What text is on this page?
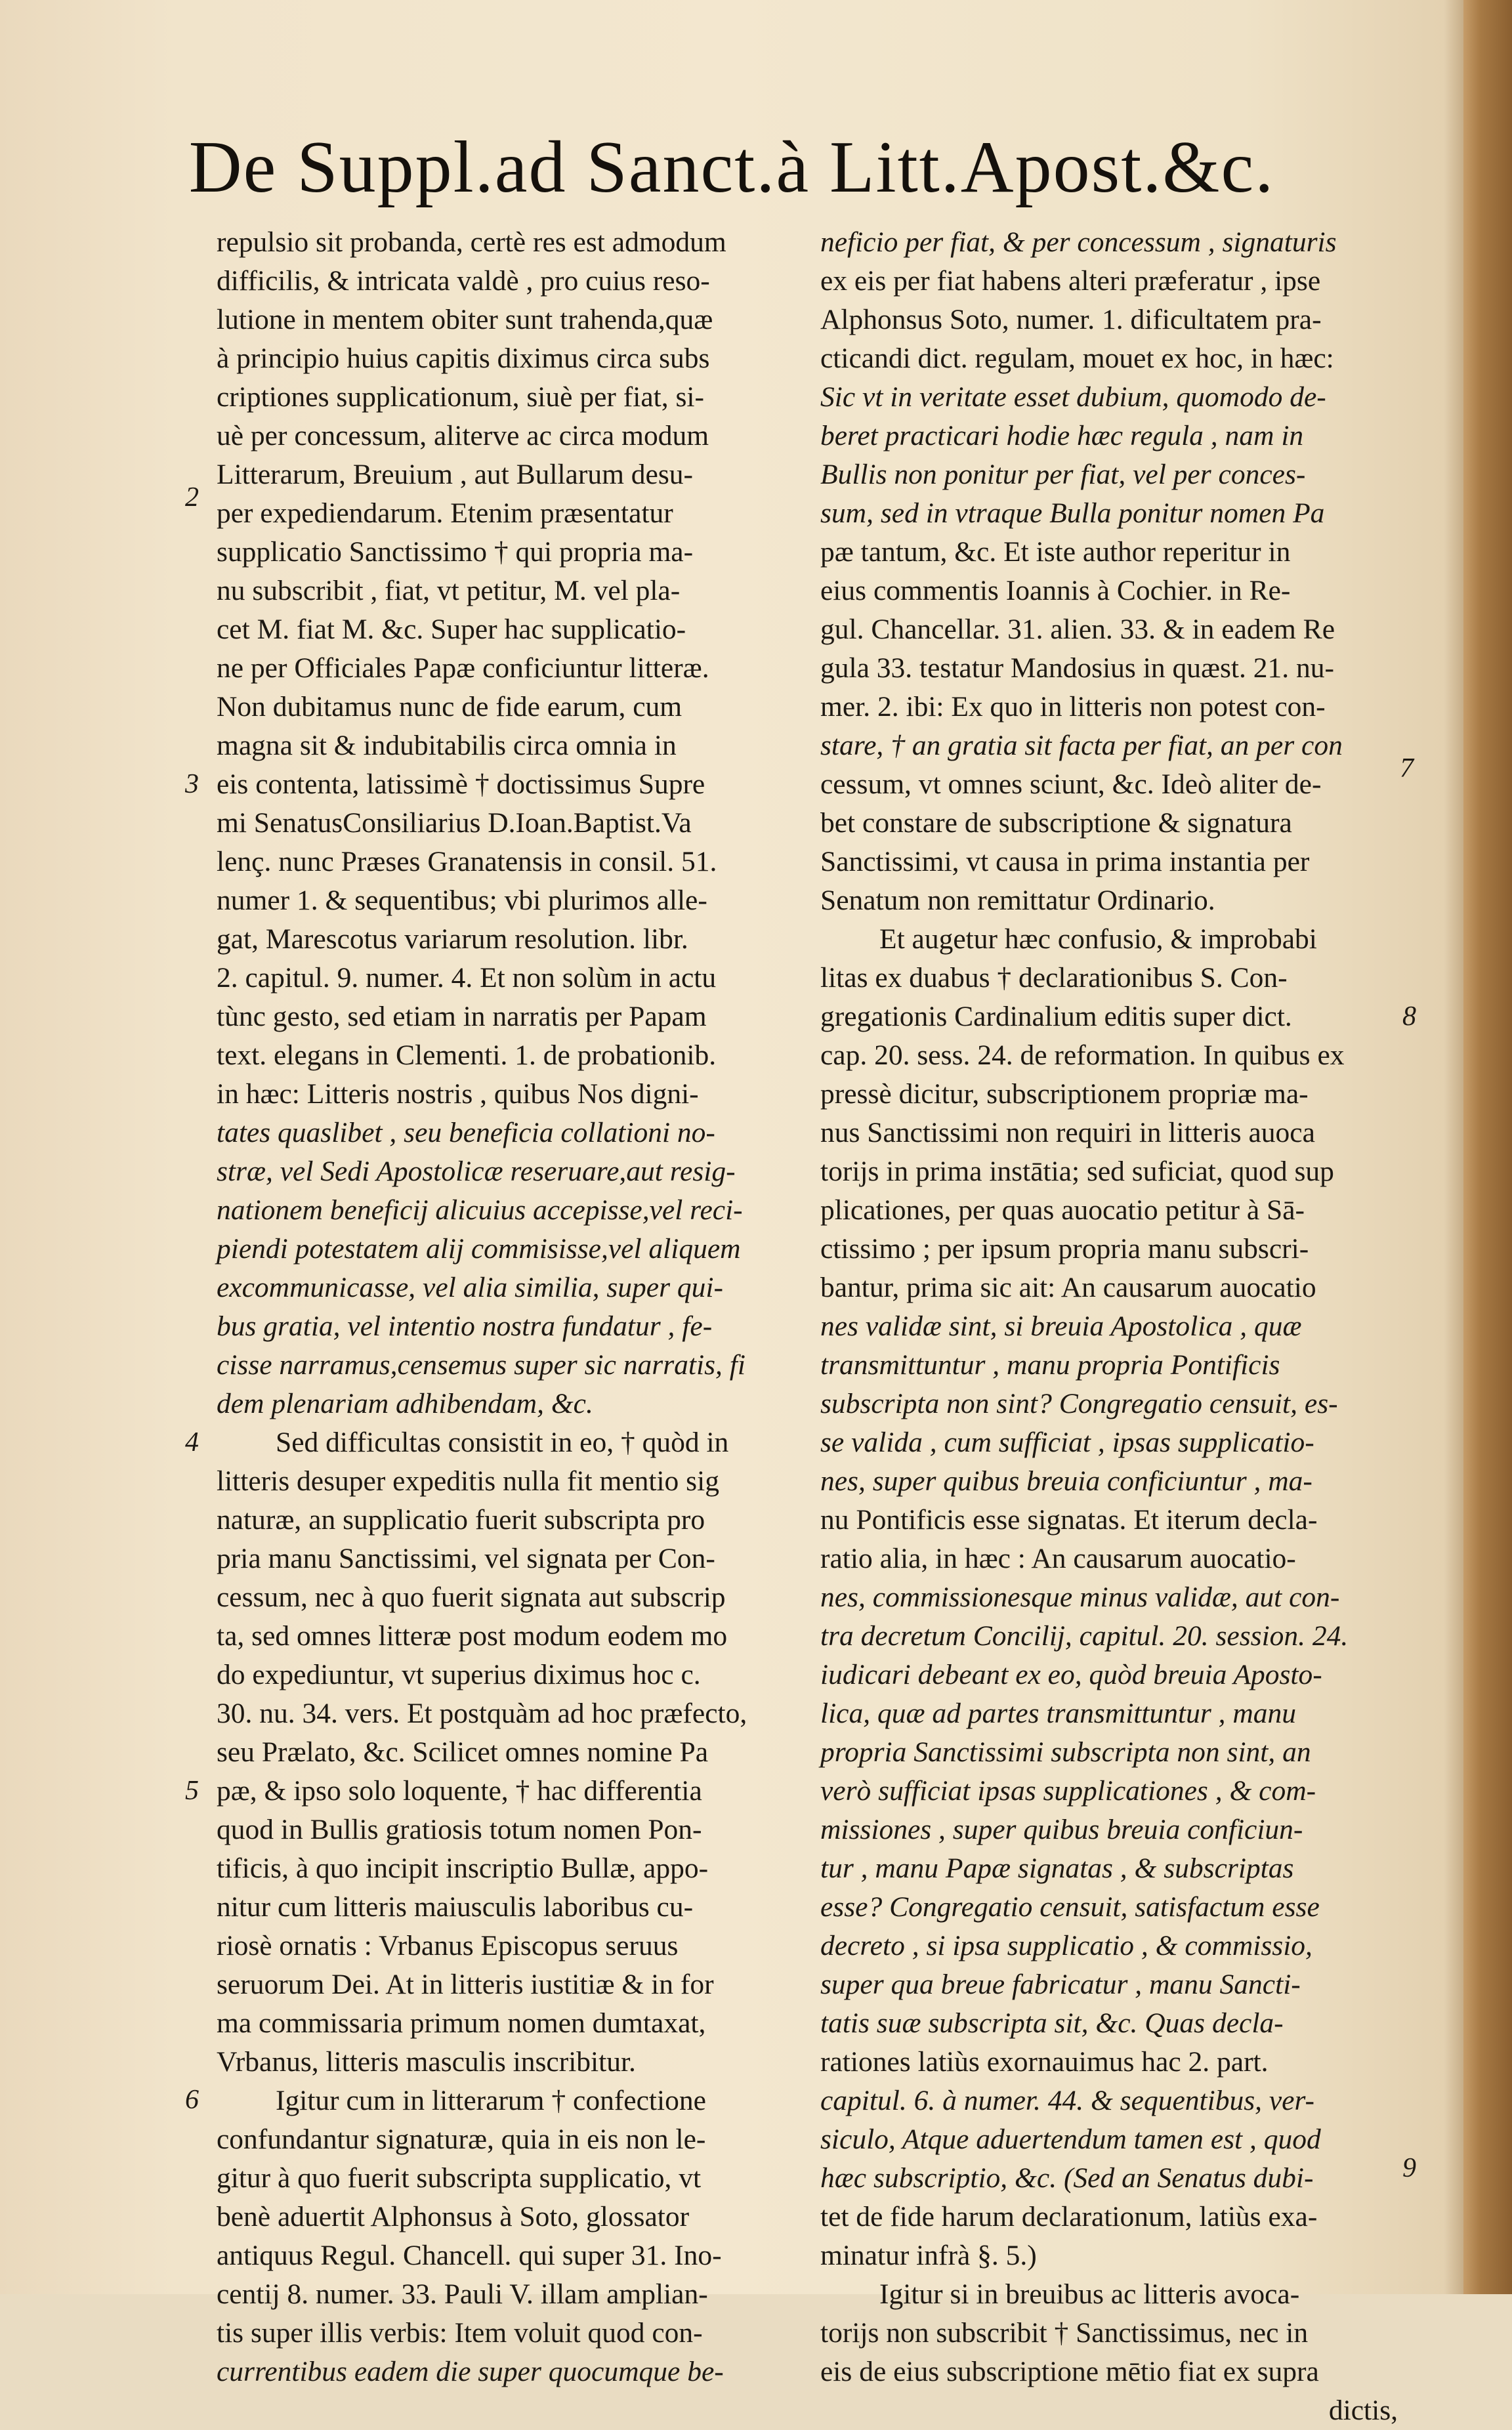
De Suppl.ad Sanct.à Litt.Apost.&c.
repulsio sit probanda, certè res est admodum
difficilis, & intricata valdè , pro cuius reso-
lutione in mentem obiter sunt trahenda,quæ
à principio huius capitis diximus circa subs
criptiones supplicationum, siuè per fiat, si-
uè per concessum, aliterve ac circa modum
Litterarum, Breuium , aut Bullarum desu-
per expediendarum. Etenim præsentatur
supplicatio Sanctissimo † qui propria ma-
nu subscribit , fiat, vt petitur, M. vel pla-
cet M. fiat M. &c. Super hac supplicatio-
ne per Officiales Papæ conficiuntur litteræ.
Non dubitamus nunc de fide earum, cum
magna sit & indubitabilis circa omnia in
eis contenta, latissimè † doctissimus Supre
mi SenatusConsiliarius D.Ioan.Baptist.Va
lenç. nunc Præses Granatensis in consil. 51.
numer 1. & sequentibus; vbi plurimos alle-
gat, Marescotus variarum resolution. libr.
2. capitul. 9. numer. 4. Et non solùm in actu
tùnc gesto, sed etiam in narratis per Papam
text. elegans in Clementi. 1. de probationib.
in hæc: Litteris nostris , quibus Nos digni-
tates quaslibet , seu beneficia collationi no-
stræ, vel Sedi Apostolicæ reseruare,aut resig-
nationem beneficij alicuius accepisse,vel reci-
piendi potestatem alij commisisse,vel aliquem
excommunicasse, vel alia similia, super qui-
bus gratia, vel intentio nostra fundatur , fe-
cisse narramus,censemus super sic narratis, fi
dem plenariam adhibendam, &c.
Sed difficultas consistit in eo, † quòd in
litteris desuper expeditis nulla fit mentio sig
naturæ, an supplicatio fuerit subscripta pro
pria manu Sanctissimi, vel signata per Con-
cessum, nec à quo fuerit signata aut subscrip
ta, sed omnes litteræ post modum eodem mo
do expediuntur, vt superius diximus hoc c.
30. nu. 34. vers. Et postquàm ad hoc præfecto,
seu Prælato, &c. Scilicet omnes nomine Pa
pæ, & ipso solo loquente, † hac differentia
quod in Bullis gratiosis totum nomen Pon-
tificis, à quo incipit inscriptio Bullæ, appo-
nitur cum litteris maiusculis laboribus cu-
riosè ornatis : Vrbanus Episcopus seruus
seruorum Dei. At in litteris iustitiæ & in for
ma commissaria primum nomen dumtaxat,
Vrbanus, litteris masculis inscribitur.
Igitur cum in litterarum † confectione
confundantur signaturæ, quia in eis non le-
gitur à quo fuerit subscripta supplicatio, vt
benè aduertit Alphonsus à Soto, glossator
antiquus Regul. Chancell. qui super 31. Ino-
centij 8. numer. 33. Pauli V. illam amplian-
tis super illis verbis: Item voluit quod con-
currentibus eadem die super quocumque be-
neficio per fiat, & per concessum , signaturis
ex eis per fiat habens alteri præferatur , ipse
Alphonsus Soto, numer. 1. dificultatem pra-
cticandi dict. regulam, mouet ex hoc, in hæc:
Sic vt in veritate esset dubium, quomodo de-
beret practicari hodie hæc regula , nam in
Bullis non ponitur per fiat, vel per conces-
sum, sed in vtraque Bulla ponitur nomen Pa
pæ tantum, &c. Et iste author reperitur in
eius commentis Ioannis à Cochier. in Re-
gul. Chancellar. 31. alien. 33. & in eadem Re
gula 33. testatur Mandosius in quæst. 21. nu-
mer. 2. ibi: Ex quo in litteris non potest con-
stare, † an gratia sit facta per fiat, an per con
cessum, vt omnes sciunt, &c. Ideò aliter de-
bet constare de subscriptione & signatura
Sanctissimi, vt causa in prima instantia per
Senatum non remittatur Ordinario.
Et augetur hæc confusio, & improbabi
litas ex duabus † declarationibus S. Con-
gregationis Cardinalium editis super dict.
cap. 20. sess. 24. de reformation. In quibus ex
pressè dicitur, subscriptionem propriæ ma-
nus Sanctissimi non requiri in litteris auoca
torijs in prima instātia; sed suficiat, quod sup
plicationes, per quas auocatio petitur à Sā-
ctissimo ; per ipsum propria manu subscri-
bantur, prima sic ait: An causarum auocatio
nes validæ sint, si breuia Apostolica , quæ
transmittuntur , manu propria Pontificis
subscripta non sint? Congregatio censuit, es-
se valida , cum sufficiat , ipsas supplicatio-
nes, super quibus breuia conficiuntur , ma-
nu Pontificis esse signatas. Et iterum decla-
ratio alia, in hæc : An causarum auocatio-
nes, commissionesque minus validæ, aut con-
tra decretum Concilij, capitul. 20. session. 24.
iudicari debeant ex eo, quòd breuia Aposto-
lica, quæ ad partes transmittuntur , manu
propria Sanctissimi subscripta non sint, an
verò sufficiat ipsas supplicationes , & com-
missiones , super quibus breuia conficiun-
tur , manu Papæ signatas , & subscriptas
esse? Congregatio censuit, satisfactum esse
decreto , si ipsa supplicatio , & commissio,
super qua breue fabricatur , manu Sancti-
tatis suæ subscripta sit, &c. Quas decla-
rationes latiùs exornauimus hac 2. part.
capitul. 6. à numer. 44. & sequentibus, ver-
siculo, Atque aduertendum tamen est , quod
hæc subscriptio, &c. (Sed an Senatus dubi-
tet de fide harum declarationum, latiùs exa-
minatur infrà §. 5.)
Igitur si in breuibus ac litteris avoca-
torijs non subscribit † Sanctissimus, nec in
eis de eius subscriptione mētio fiat ex supra
dictis,
2
3
4
5
6
7
8
9
